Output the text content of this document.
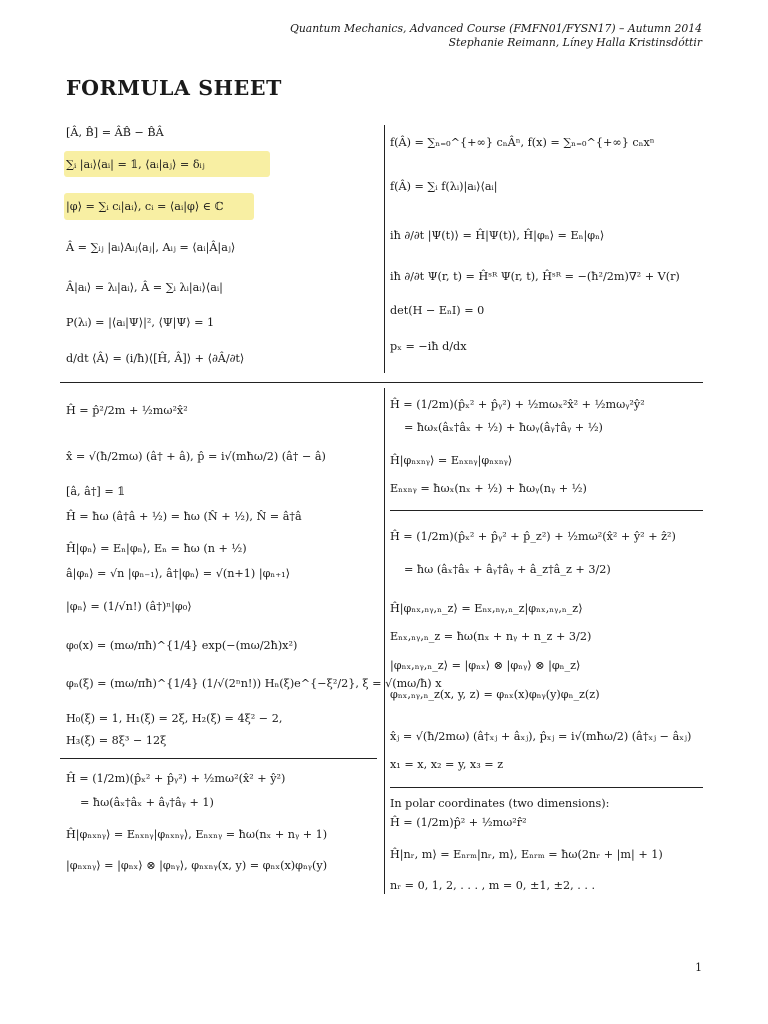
Quantum Mechanics, Advanced Course (FMFN01/FYSN17) – Autumn 2014
Stephanie Reimann, Líney Halla Kristinsdóttir
FORMULA SHEET
[Â, B̂] = ÂB̂ − B̂Â
∑ᵢ |aᵢ⟩⟨aᵢ| = 𝟙, ⟨aᵢ|aⱼ⟩ = δᵢⱼ
|φ⟩ = ∑ᵢ cᵢ|aᵢ⟩, cᵢ = ⟨aᵢ|φ⟩ ∈ ℂ
Â = ∑ᵢⱼ |aᵢ⟩Aᵢⱼ⟨aⱼ|, Aᵢⱼ = ⟨aᵢ|Â|aⱼ⟩
Â|aᵢ⟩ = λᵢ|aᵢ⟩, Â = ∑ᵢ λᵢ|aᵢ⟩⟨aᵢ|
P(λᵢ) = |⟨aᵢ|Ψ⟩|², ⟨Ψ|Ψ⟩ = 1
d/dt ⟨Â⟩ = (i/ħ)⟨[Ĥ, Â]⟩ + ⟨∂Â/∂t⟩
f(Â) = ∑ₙ₌₀^{+∞} cₙÂⁿ, f(x) = ∑ₙ₌₀^{+∞} cₙxⁿ
f(Â) = ∑ᵢ f(λᵢ)|aᵢ⟩⟨aᵢ|
iħ ∂/∂t |Ψ(t)⟩ = Ĥ|Ψ(t)⟩, Ĥ|φₙ⟩ = Eₙ|φₙ⟩
iħ ∂/∂t Ψ(r, t) = Ĥˢᴿ Ψ(r, t), Ĥˢᴿ = −(ħ²/2m)∇² + V(r)
det(H − EₙI) = 0
pₓ = −iħ d/dx
Ĥ = p̂²/2m + ½mω²x̂²
x̂ = √(ħ/2mω) (â† + â), p̂ = i√(mħω/2) (â† − â)
[â, â†] = 𝟙
Ĥ = ħω (â†â + ½) = ħω (N̂ + ½), N̂ = â†â
Ĥ|φₙ⟩ = Eₙ|φₙ⟩, Eₙ = ħω (n + ½)
â|φₙ⟩ = √n |φₙ₋₁⟩, â†|φₙ⟩ = √(n+1) |φₙ₊₁⟩
|φₙ⟩ = (1/√n!) (â†)ⁿ|φ₀⟩
φ₀(x) = (mω/πħ)^{1/4} exp(−(mω/2ħ)x²)
φₙ(ξ) = (mω/πħ)^{1/4} (1/√(2ⁿn!)) Hₙ(ξ)e^{−ξ²/2}, ξ = √(mω/ħ) x
H₀(ξ) = 1, H₁(ξ) = 2ξ, H₂(ξ) = 4ξ² − 2,
H₃(ξ) = 8ξ³ − 12ξ
Ĥ = (1/2m)(p̂ₓ² + p̂ᵧ²) + ½mω²(x̂² + ŷ²)
= ħω(âₓ†âₓ + âᵧ†âᵧ + 1)
Ĥ|φₙₓₙᵧ⟩ = Eₙₓₙᵧ|φₙₓₙᵧ⟩, Eₙₓₙᵧ = ħω(nₓ + nᵧ + 1)
|φₙₓₙᵧ⟩ = |φₙₓ⟩ ⊗ |φₙᵧ⟩, φₙₓₙᵧ(x, y) = φₙₓ(x)φₙᵧ(y)
Ĥ = (1/2m)(p̂ₓ² + p̂ᵧ²) + ½mωₓ²x̂² + ½mωᵧ²ŷ²
= ħωₓ(âₓ†âₓ + ½) + ħωᵧ(âᵧ†âᵧ + ½)
Ĥ|φₙₓₙᵧ⟩ = Eₙₓₙᵧ|φₙₓₙᵧ⟩
Eₙₓₙᵧ = ħωₓ(nₓ + ½) + ħωᵧ(nᵧ + ½)
Ĥ = (1/2m)(p̂ₓ² + p̂ᵧ² + p̂_z²) + ½mω²(x̂² + ŷ² + ẑ²)
= ħω (âₓ†âₓ + âᵧ†âᵧ + â_z†â_z + 3/2)
Ĥ|φₙₓ,ₙᵧ,ₙ_z⟩ = Eₙₓ,ₙᵧ,ₙ_z|φₙₓ,ₙᵧ,ₙ_z⟩
Eₙₓ,ₙᵧ,ₙ_z = ħω(nₓ + nᵧ + n_z + 3/2)
|φₙₓ,ₙᵧ,ₙ_z⟩ = |φₙₓ⟩ ⊗ |φₙᵧ⟩ ⊗ |φₙ_z⟩
φₙₓ,ₙᵧ,ₙ_z(x, y, z) = φₙₓ(x)φₙᵧ(y)φₙ_z(z)
x̂ⱼ = √(ħ/2mω) (â†ₓⱼ + âₓⱼ), p̂ₓⱼ = i√(mħω/2) (â†ₓⱼ − âₓⱼ)
x₁ = x, x₂ = y, x₃ = z
In polar coordinates (two dimensions):
Ĥ = (1/2m)p̂² + ½mω²r̂²
Ĥ|nᵣ, m⟩ = Eₙᵣₘ|nᵣ, m⟩, Eₙᵣₘ = ħω(2nᵣ + |m| + 1)
nᵣ = 0, 1, 2, . . . , m = 0, ±1, ±2, . . .
1
